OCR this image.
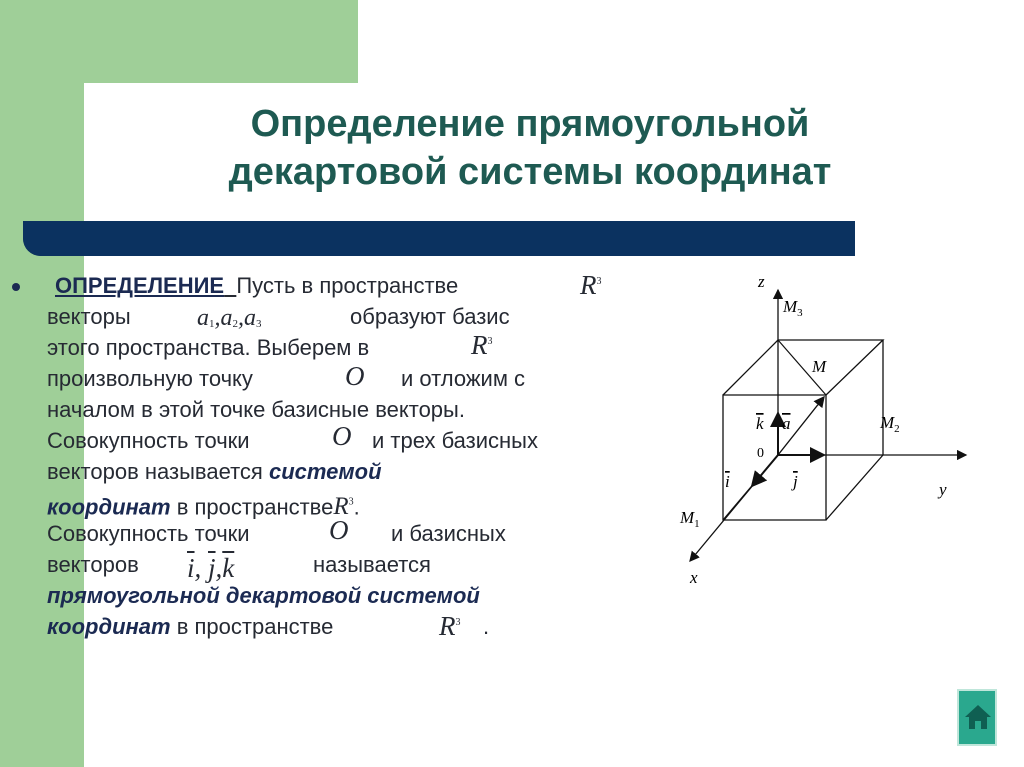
Определение прямоугольной
декартовой системы координат
ОПРЕДЕЛЕНИЕ Пусть в пространстве	$R^3$
векторы	a1,a2,a3	образуют базис
этого пространства. Выберем в	$R^3$
произвольную точку	O и отложим с
началом в этой точке базисные векторы.
Совокупность точки	O и трех базисных
векторов называется системой
координат в пространствеR$^3$.
Совокупность точки	O и базисных
векторов $\overline{i}$, $\overline{j},\overline{k}$	называется
прямоугольной декартовой системой
координат в пространстве	$R^3$ .
z
y
x
$M_3$
M
$M_2$
$M_1$
0
k a
i	j
